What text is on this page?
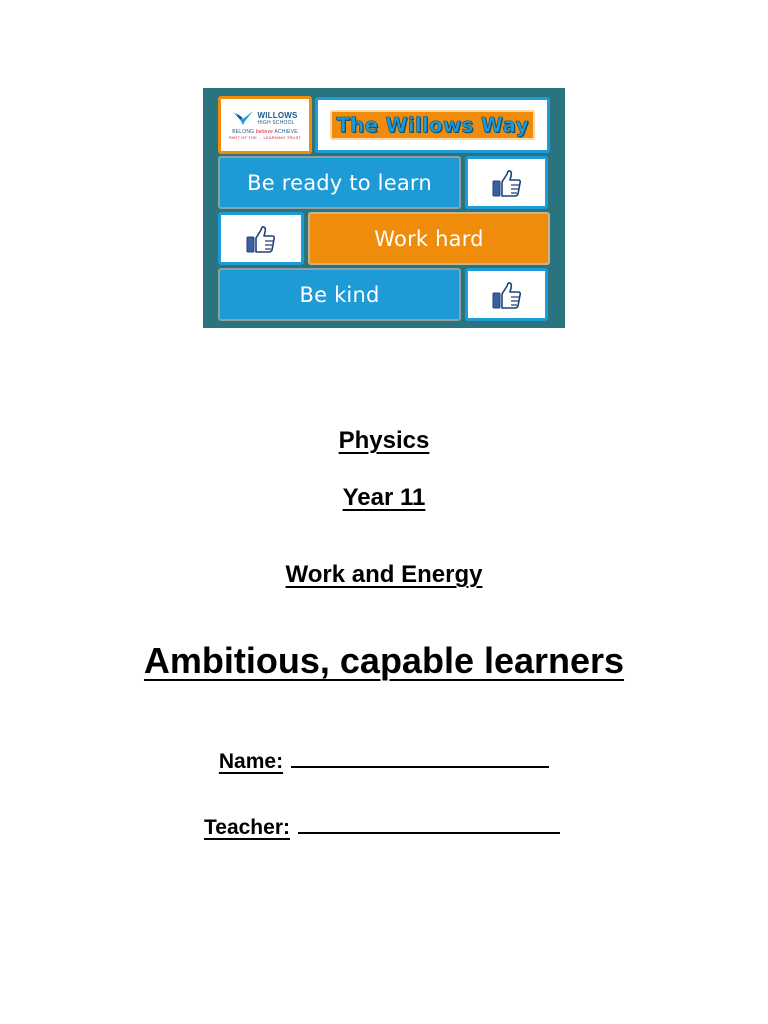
WILLOWS
HIGH SCHOOL
BELONG believe ACHIEVE
PART OF THE ... LEARNING TRUST
The Willows Way
Be ready to learn
Work hard
Be kind

Physics

Year 11

Work and Energy

Ambitious, capable learners

Name:
Teacher:
